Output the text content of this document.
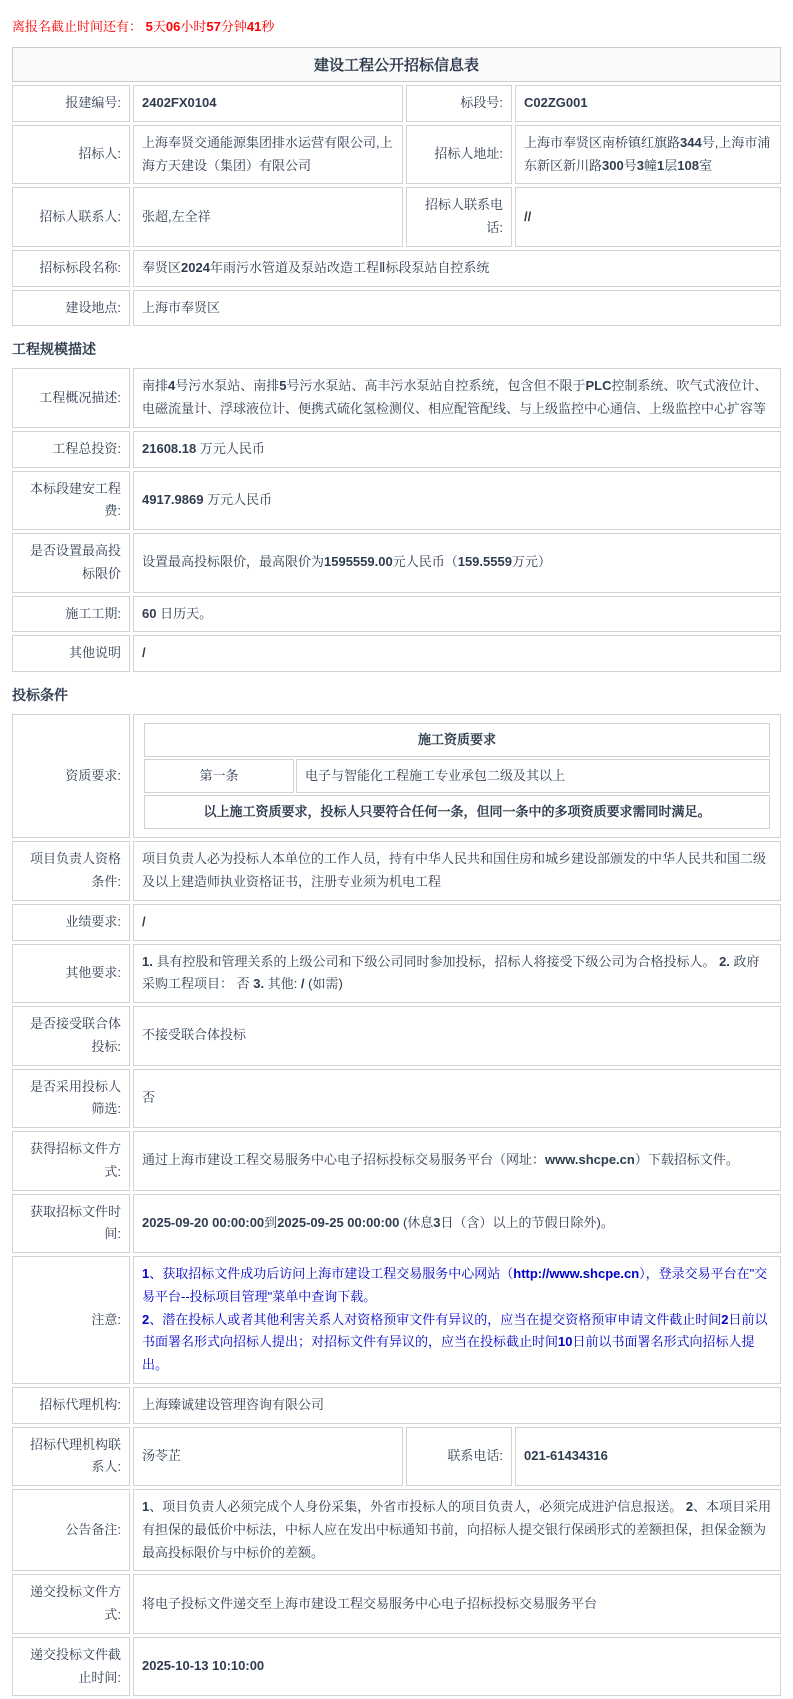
离报名截止时间还有： 5天06小时57分钟41秒
建设工程公开招标信息表
报建编号:	2402FX0104	标段号:	C02ZG001
招标人:	上海奉贤交通能源集团排水运营有限公司,上海方天建设（集团）有限公司	招标人地址:	上海市奉贤区南桥镇红旗路344号,上海市浦东新区新川路300号3幢1层108室
招标人联系人:	张超,左全祥	招标人联系电话:	//
招标标段名称:	奉贤区2024年雨污水管道及泵站改造工程Ⅱ标段泵站自控系统		
建设地点:	上海市奉贤区		
工程规模描述
工程概况描述:	南排4号污水泵站、南排5号污水泵站、高丰污水泵站自控系统，包含但不限于PLC控制系统、吹气式液位计、电磁流量计、浮球液位计、便携式硫化氢检测仪、相应配管配线、与上级监控中心通信、上级监控中心扩容等
工程总投资:	21608.18 万元人民币
本标段建安工程费:	4917.9869 万元人民币
是否设置最高投标限价	设置最高投标限价，最高限价为1595559.00元人民币（159.5559万元）
施工工期:	60 日历天。
其他说明	/
投标条件
资质要求:	
施工资质要求
第一条	电子与智能化工程施工专业承包二级及其以上
以上施工资质要求，投标人只要符合任何一条，但同一条中的多项资质要求需同时满足。

项目负责人资格条件:	项目负责人必为投标人本单位的工作人员，持有中华人民共和国住房和城乡建设部颁发的中华人民共和国二级及以上建造师执业资格证书，注册专业须为机电工程
业绩要求:	/
其他要求:	1. 具有控股和管理关系的上级公司和下级公司同时参加投标，招标人将接受下级公司为合格投标人。 2. 政府采购工程项目： 否 3. 其他: / (如需)
是否接受联合体投标:	不接受联合体投标
是否采用投标人筛选:	否
获得招标文件方式:	通过上海市建设工程交易服务中心电子招标投标交易服务平台（网址：www.shcpe.cn）下载招标文件。
获取招标文件时间:	2025-09-20 00:00:00到2025-09-25 00:00:00 (休息3日（含）以上的节假日除外)。
注意:	1、获取招标文件成功后访问上海市建设工程交易服务中心网站（http://www.shcpe.cn），登录交易平台在"交易平台--投标项目管理"菜单中查询下载。
2、潜在投标人或者其他利害关系人对资格预审文件有异议的，应当在提交资格预审申请文件截止时间2日前以书面署名形式向招标人提出；对招标文件有异议的，应当在投标截止时间10日前以书面署名形式向招标人提出。
招标代理机构:	上海臻诚建设管理咨询有限公司
招标代理机构联系人:	汤苓芷	联系电话:	021-61434316
公告备注:	1、项目负责人必须完成个人身份采集，外省市投标人的项目负责人，必须完成进沪信息报送。 2、本项目采用有担保的最低价中标法，中标人应在发出中标通知书前，向招标人提交银行保函形式的差额担保，担保金额为最高投标限价与中标价的差额。
递交投标文件方式:	将电子投标文件递交至上海市建设工程交易服务中心电子招标投标交易服务平台
递交投标文件截止时间:	2025-10-13 10:10:00
